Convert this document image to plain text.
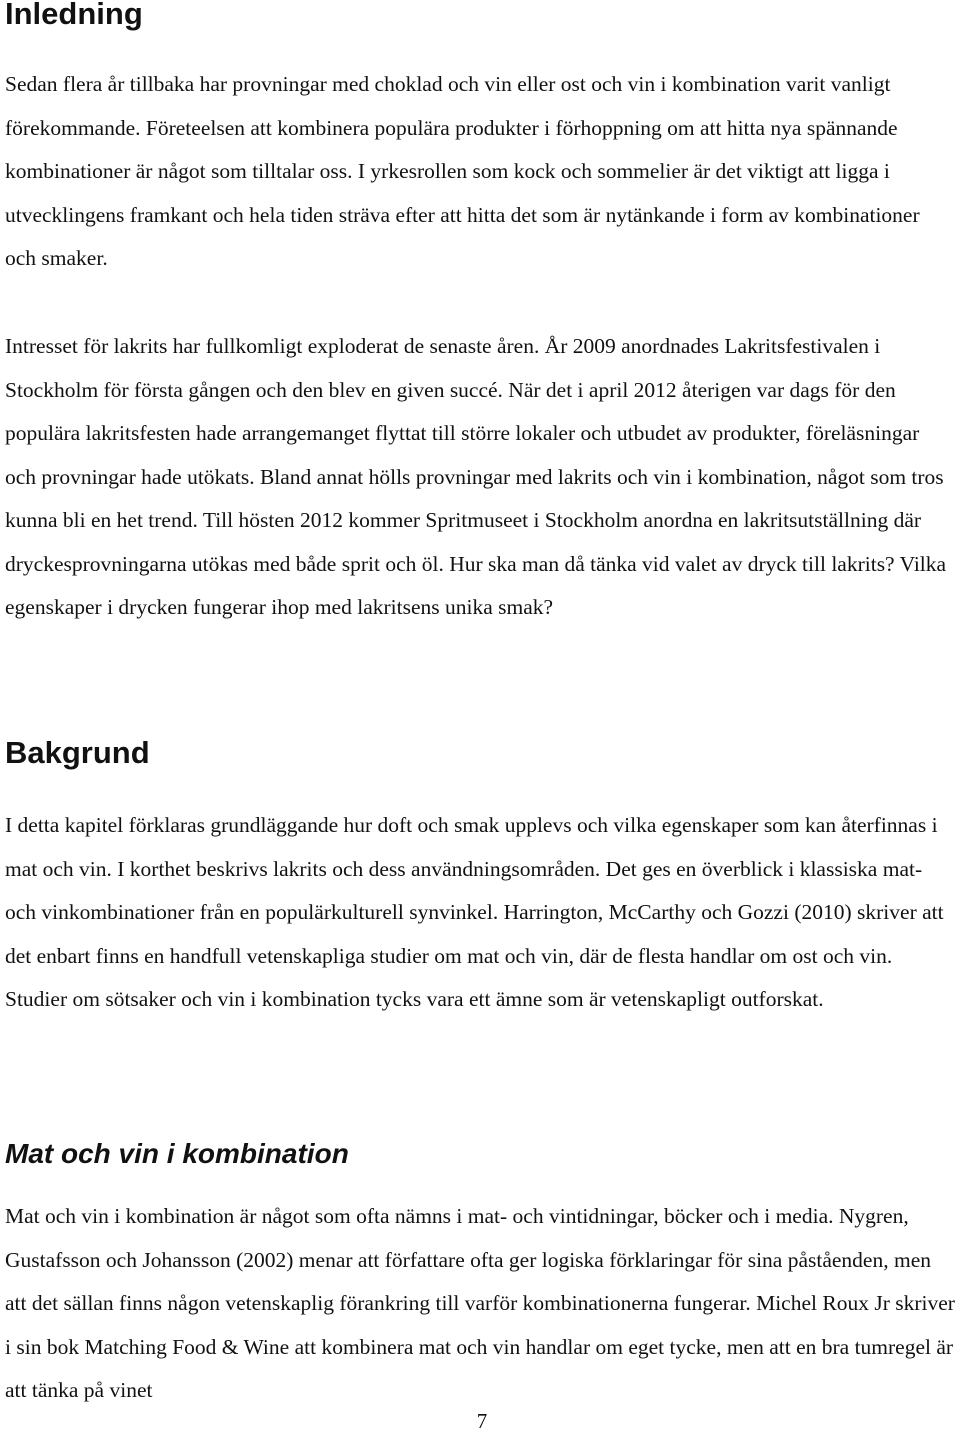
Inledning

Sedan flera år tillbaka har provningar med choklad och vin eller ost och vin i kombination varit vanligt förekommande. Företeelsen att kombinera populära produkter i förhoppning om att hitta nya spännande kombinationer är något som tilltalar oss. I yrkesrollen som kock och sommelier är det viktigt att ligga i utvecklingens framkant och hela tiden sträva efter att hitta det som är nytänkande i form av kombinationer och smaker.

Intresset för lakrits har fullkomligt exploderat de senaste åren. År 2009 anordnades Lakritsfestivalen i Stockholm för första gången och den blev en given succé. När det i april 2012 återigen var dags för den populära lakritsfesten hade arrangemanget flyttat till större lokaler och utbudet av produkter, föreläsningar och provningar hade utökats. Bland annat hölls provningar med lakrits och vin i kombination, något som tros kunna bli en het trend. Till hösten 2012 kommer Spritmuseet i Stockholm anordna en lakritsutställning där dryckesprovningarna utökas med både sprit och öl. Hur ska man då tänka vid valet av dryck till lakrits? Vilka egenskaper i drycken fungerar ihop med lakritsens unika smak?

Bakgrund

I detta kapitel förklaras grundläggande hur doft och smak upplevs och vilka egenskaper som kan återfinnas i mat och vin. I korthet beskrivs lakrits och dess användningsområden. Det ges en överblick i klassiska mat- och vinkombinationer från en populärkulturell synvinkel. Harrington, McCarthy och Gozzi (2010) skriver att det enbart finns en handfull vetenskapliga studier om mat och vin, där de flesta handlar om ost och vin. Studier om sötsaker och vin i kombination tycks vara ett ämne som är vetenskapligt outforskat.

Mat och vin i kombination

Mat och vin i kombination är något som ofta nämns i mat- och vintidningar, böcker och i media. Nygren, Gustafsson och Johansson (2002) menar att författare ofta ger logiska förklaringar för sina påståenden, men att det sällan finns någon vetenskaplig förankring till varför kombinationerna fungerar. Michel Roux Jr skriver i sin bok Matching Food & Wine att kombinera mat och vin handlar om eget tycke, men att en bra tumregel är att tänka på vinet

7
